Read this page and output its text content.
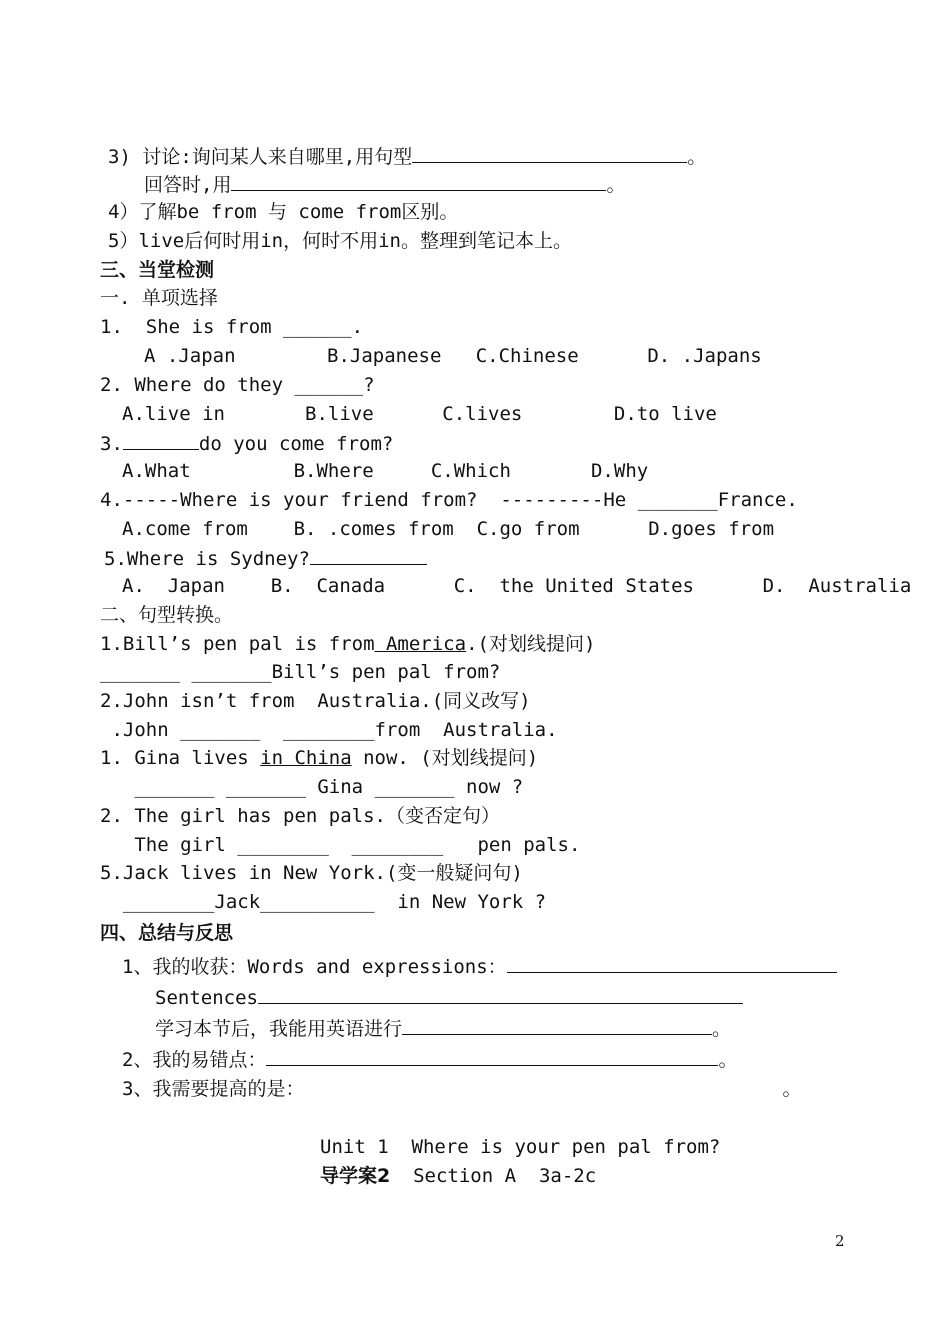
3) 讨论:询问某人来自哪里,用句型	。
回答时,用	。
4）了解be from 与 come from区别。
5）live后何时用in，何时不用in。整理到笔记本上。
三、当堂检测
一. 单项选择
1.  She is from ______.
A .Japan        B.Japanese   C.Chinese      D. .Japans
2. Where do they ______?
A.live in       B.live      C.lives        D.to live
3.	do you come from?
A.What         B.Where     C.Which       D.Why
4.-----Where is your friend from?  ---------He _______France.
A.come from    B. .comes from  C.go from      D.goes from
5.Where is Sydney?
A.  Japan    B.  Canada      C.  the United States      D.  Australia
二、句型转换。
1.Bill’s pen pal is from America.(对划线提问)
_______ _______Bill’s pen pal from?
2.John isn’t from  Australia.(同义改写)
.John _______  ________from  Australia.
1. Gina lives in China now. (对划线提问)
_______ _______ Gina _______ now ?
2. The girl has pen pals.（变否定句）
The girl ________  ________   pen pals.
5.Jack lives in New York.(变一般疑问句)
________Jack__________  in New York ?
四、总结与反思
1、我的收获：Words and expressions：
Sentences
学习本节后，我能用英语进行	。
2、我的易错点：	。
3、我需要提高的是：	。
Unit 1  Where is your pen pal from?
导学案2  Section A  3a-2c
2
